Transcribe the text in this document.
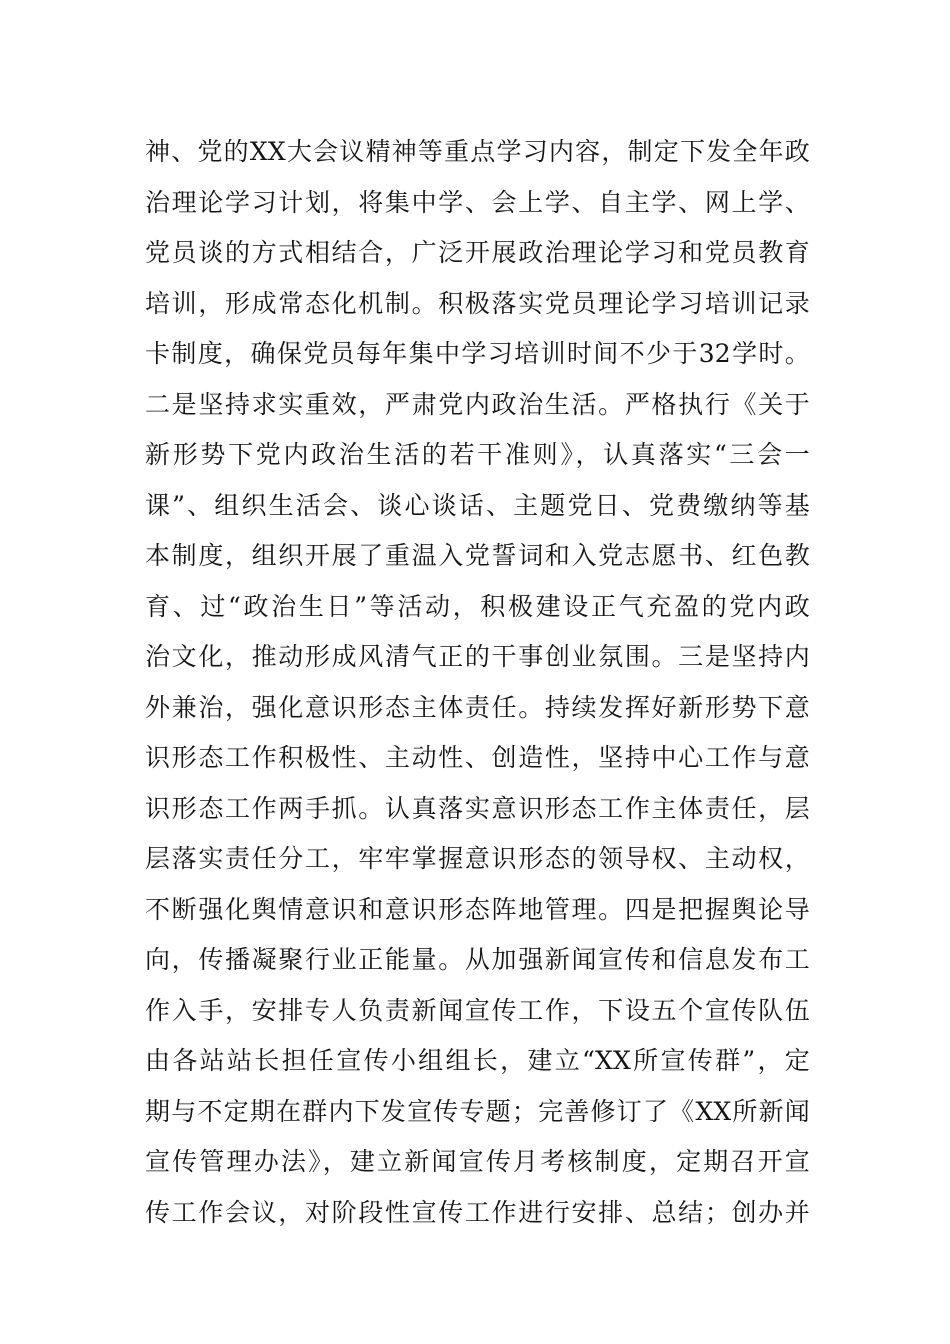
神、党的XX大会议精神等重点学习内容，制定下发全年政
治理论学习计划，将集中学、会上学、自主学、网上学、
党员谈的方式相结合，广泛开展政治理论学习和党员教育
培训，形成常态化机制。积极落实党员理论学习培训记录
卡制度，确保党员每年集中学习培训时间不少于32学时。
二是坚持求实重效，严肃党内政治生活。严格执行《关于
新形势下党内政治生活的若干准则》，认真落实“三会一
课”、组织生活会、谈心谈话、主题党日、党费缴纳等基
本制度，组织开展了重温入党誓词和入党志愿书、红色教
育、过“政治生日”等活动，积极建设正气充盈的党内政
治文化，推动形成风清气正的干事创业氛围。三是坚持内
外兼治，强化意识形态主体责任。持续发挥好新形势下意
识形态工作积极性、主动性、创造性，坚持中心工作与意
识形态工作两手抓。认真落实意识形态工作主体责任，层
层落实责任分工，牢牢掌握意识形态的领导权、主动权，
不断强化舆情意识和意识形态阵地管理。四是把握舆论导
向，传播凝聚行业正能量。从加强新闻宣传和信息发布工
作入手，安排专人负责新闻宣传工作，下设五个宣传队伍
由各站站长担任宣传小组组长，建立“XX所宣传群”，定
期与不定期在群内下发宣传专题；完善修订了《XX所新闻
宣传管理办法》，建立新闻宣传月考核制度，定期召开宣
传工作会议，对阶段性宣传工作进行安排、总结；创办并
